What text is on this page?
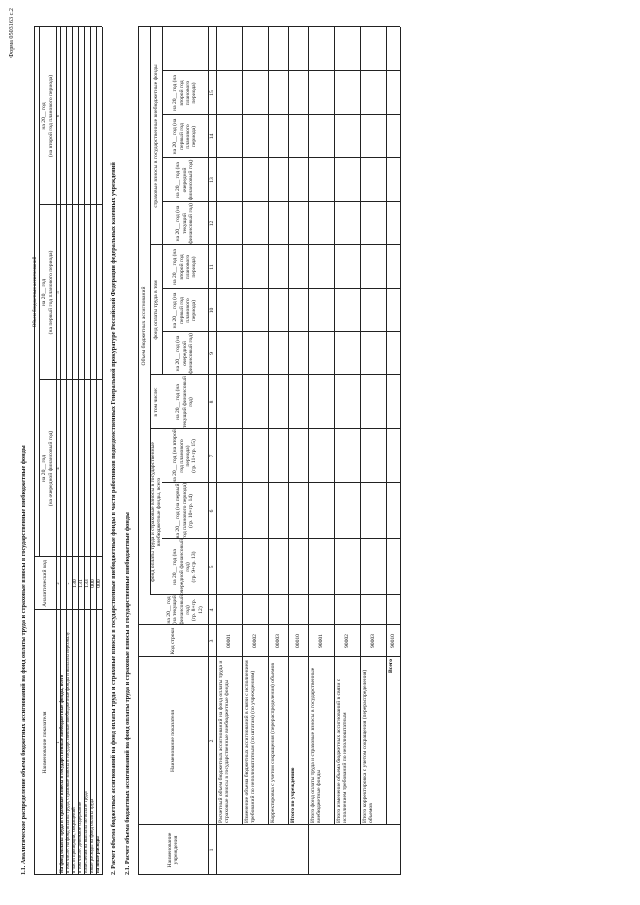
Форма 0503163 с.2
1.1. Аналитическое распределение объема бюджетных ассигнований на фонд оплаты труда и страховые взносы в государственные внебюджетные фонды	Наименование показателя
Аналитический код
Объем бюджетных ассигнований
на 20__ год (на очередной финансовый год)
на 20__ год (на первый год планового периода)
на 20__ год (на второй год планового периода)
1
2
4
5
6
На фонд оплаты труда и страховые взносы в государственные внебюджетные фонды, всего в том числе: на фонд оплаты труда, страховые взносы в государственные внебюджетные фонды и выплаты персоналу
-
в части пропорции, сокращений
130
в том числе: денежное содержание
131
начисления на выплаты по оплате труда
133
иные расходы на фонд оплаты труда
000
на иные расходы
000 2. Расчет объема бюджетных ассигнований на фонд оплаты труда и страховые взносы в государственные внебюджетные фонды в части работников подведомственных Генеральной прокуратуре Российской Федерации федеральных казенных учреждений 2.1. Расчет объема бюджетных ассигнований на фонд оплаты труда и страховые взносы в государственные внебюджетные фонды	Наименование учреждения
Наименование показателя
Код строки
Объем бюджетных ассигнований
фонд оплаты труда и страховые взносы в государственные внебюджетные фонды, всего
в том числе:
фонд оплаты труда в том
страховые взносы в государственные внебюджетные фонды
на 20__ год (на текущий финансовый год) (гр. 8+гр. 12)
на 20__ год (на очередной финансовый год) (гр. 9+гр. 13)
на 20__ год (на первый год планового периода) (гр. 10+гр. 14)
на 20__ год (на второй год планового периода) (гр. 11+гр. 15)
на 20__ год (на текущий финансовый год)
на 20__ год (на очередной финансовый год)
на 20__ год (на первый год планового периода)
на 20__ год (на второй год планового периода)
на 20__ год (на текущий финансовый год)
на 20__ год (на очередной финансовый год)
на 20__ год (на первый год планового периода)
на 20__ год (на второй год планового периода)
1
2
3
4
5
6
7
8
9
10
11
12
13
14
15
Расчетный объем бюджетных ассигнований на фонд оплаты труда и страховые взносы в государственные внебюджетные фонды
00001
Изменение объема бюджетных ассигнований в связи с исполнением требований по неполноштатным (по штатам) (по учреждениям)
00002
Корректировка с учетом сокращения (перераспределения) объемов
00003
Итого по учреждению
00010
Итого фонд оплаты труда и страховые взносы в государственные внебюджетные фонды
90001
Итого изменение объема бюджетных ассигнований в связи с исполнением требований по неполноштатным
90002
Итого корректировка с учетом сокращения (перераспределения) объемов
90003
Всего
90010
